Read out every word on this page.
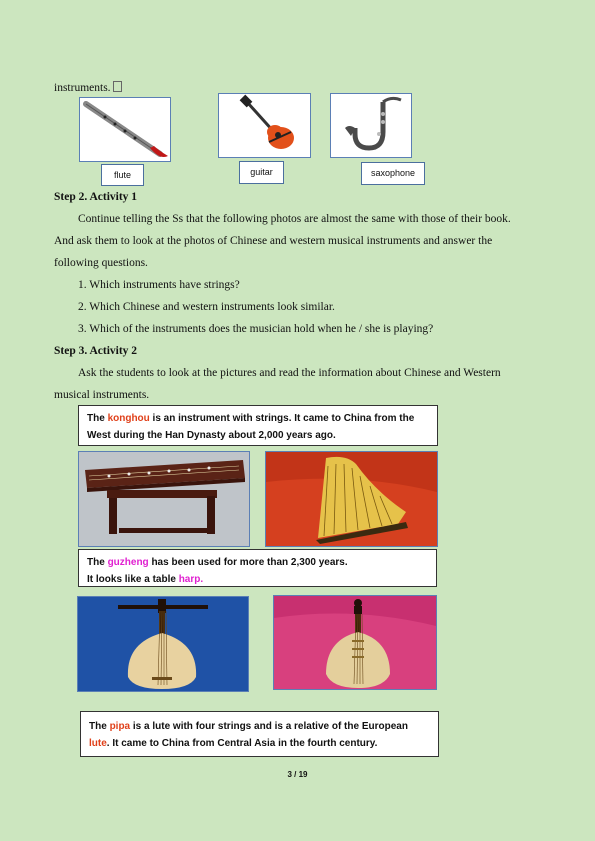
instruments.
flute	guitar	saxophone
Step 2. Activity 1
Continue telling the Ss that the following photos are almost the same with those of their book.
And ask them to look at the photos of Chinese and western musical instruments and answer the
following questions.
1. Which instruments have strings?
2. Which Chinese and western instruments look similar.
3. Which of the instruments does the musician hold when he / she is playing?
Step 3. Activity 2
Ask the students to look at the pictures and read the information about Chinese and Western
musical instruments.
The konghou is an instrument with strings. It came to China from the
West during the Han Dynasty about 2,000 years ago.
The guzheng has been used for more than 2,300 years.
It looks like a table harp.
The pipa is a lute with four strings and is a relative of the European
lute. It came to China from Central Asia in the fourth century.
3 / 19
